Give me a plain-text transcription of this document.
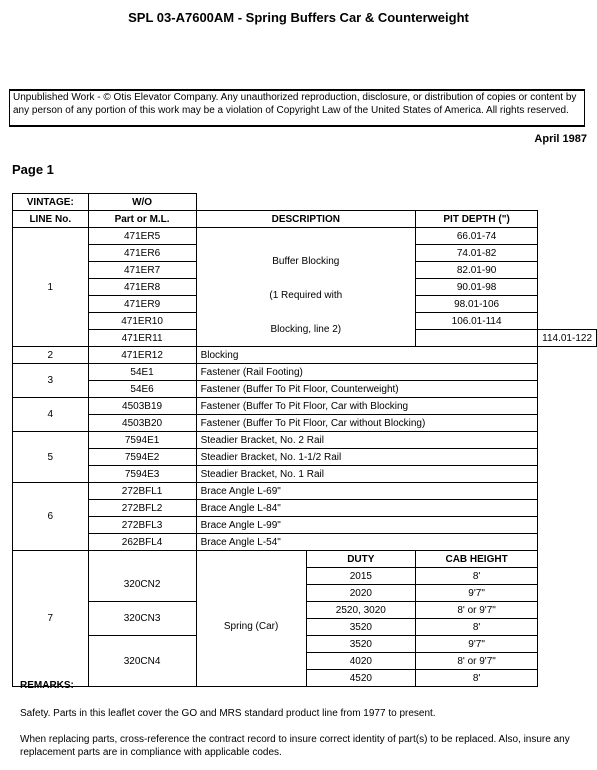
SPL 03-A7600AM - Spring Buffers Car & Counterweight
Unpublished Work - © Otis Elevator Company. Any unauthorized reproduction, disclosure, or distribution of copies or content by any person of any portion of this work may be a violation of Copyright Law of the United States of America. All rights reserved.
April 1987
Page 1
VINTAGE:	W/O				
LINE No.	Part or M.L.	DESCRIPTION		PIT DEPTH (")	
1	471ER5			66.01-74	
	471ER6	Buffer Blocking		74.01-82	
	471ER7			82.01-90	
	471ER8	(1 Required with		90.01-98	
	471ER9			98.01-106	
	471ER10	Blocking, line 2)		106.01-114	
	471ER11				114.01-122
2	471ER12	Blocking			
3	54E1	Fastener (Rail Footing)			
	54E6	Fastener (Buffer To Pit Floor, Counterweight)			
4	4503B19	Fastener (Buffer To Pit Floor, Car with Blocking			
	4503B20	Fastener (Buffer To Pit Floor, Car without Blocking)			
5	7594E1	Steadier Bracket, No. 2 Rail			
	7594E2	Steadier Bracket, No. 1-1/2 Rail			
	7594E3	Steadier Bracket, No. 1 Rail			
6	272BFL1	Brace Angle L-69"			
	272BFL2	Brace Angle L-84"			
	272BFL3	Brace Angle L-99"			
	262BFL4	Brace Angle L-54"			
7			DUTY	CAB HEIGHT	
	320CN2	Spring (Car)	2015	8'	
			2020	9'7"	
	320CN3		2520, 3020	8' or 9'7"	
			3520	8'	
	320CN4		3520	9'7"	
			4020	8' or 9'7"	
			4520	8'	
REMARKS:
Safety. Parts in this leaflet cover the GO and MRS standard product line from 1977 to present.
When replacing parts, cross-reference the contract record to insure correct identity of part(s) to be replaced. Also, insure any replacement parts are in compliance with applicable codes.
